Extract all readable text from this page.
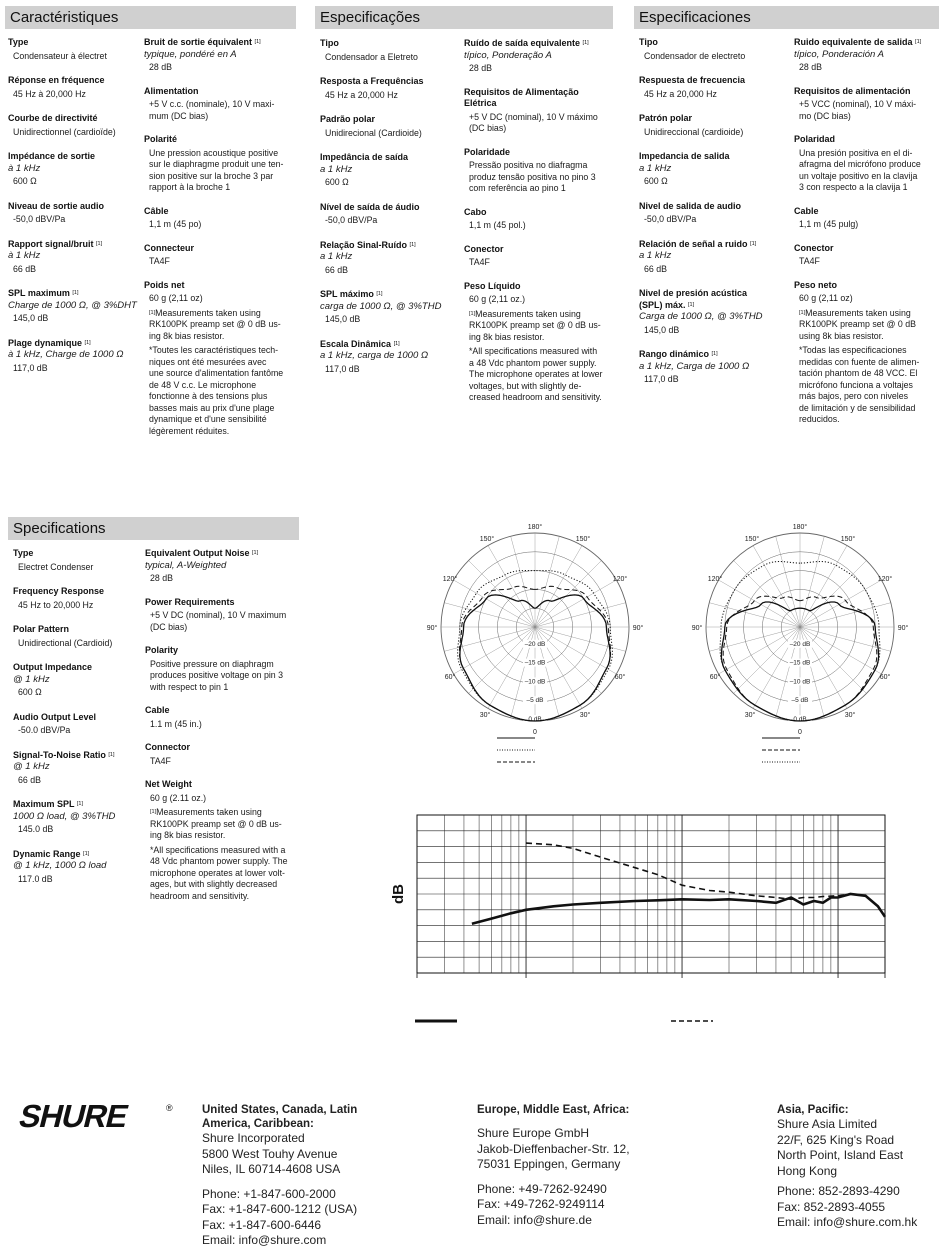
Caractéristiques
Type
Condensateur à électret
Réponse en fréquence
45 Hz à 20,000 Hz
Courbe de directivité
Unidirectionnel (cardioïde)
Impédance de sortie
à 1 kHz
600 Ω
Niveau de sortie audio
-50,0 dBV/Pa
Rapport signal/bruit [1]
à 1 kHz
66 dB
SPL maximum [1]
Charge de 1000 Ω, @ 3%DHT
145,0 dB
Plage dynamique [1]
à 1 kHz, Charge de 1000 Ω
117,0 dB
Bruit de sortie équivalent [1]
typique, pondéré en A
28 dB
Alimentation
+5 V c.c. (nominale), 10 V maxi-
mum (DC bias)
Polarité
Une pression acoustique positive
sur le diaphragme produit une ten-
sion positive sur la broche 3 par
rapport à la broche 1
Câble
1,1 m (45 po)
Connecteur
TA4F
Poids net
60 g (2,11 oz)
[1]Measurements taken using
RK100PK preamp set @ 0 dB us-
ing 8k bias resistor.
*Toutes les caractéristiques tech-
niques ont été mesurées avec
une source d'alimentation fantôme
de 48 V c.c. Le microphone
fonctionne à des tensions plus
basses mais au prix d'une plage
dynamique et d'une sensibilité
légèrement réduites.
Especificações
Tipo
Condensador a Eletreto
Resposta a Frequências
45 Hz a 20,000 Hz
Padrão polar
Unidirecional (Cardioide)
Impedância de saída
a 1 kHz
600 Ω
Nível de saída de áudio
-50,0 dBV/Pa
Relação Sinal-Ruído [1]
a 1 kHz
66 dB
SPL máximo [1]
carga de 1000 Ω, @ 3%THD
145,0 dB
Escala Dinâmica [1]
a 1 kHz, carga de 1000 Ω
117,0 dB
Ruído de saída equivalente [1]
típico, Ponderação A
28 dB
Requisitos de Alimentação
Elétrica
+5 V DC (nominal), 10 V máximo
(DC bias)
Polaridade
Pressão positiva no diafragma
produz tensão positiva no pino 3
com referência ao pino 1
Cabo
1,1 m (45 pol.)
Conector
TA4F
Peso Líquido
60 g (2,11 oz.)
[1]Measurements taken using
RK100PK preamp set @ 0 dB us-
ing 8k bias resistor.
*All specifications measured with
a 48 Vdc phantom power supply.
The microphone operates at lower
voltages, but with slightly de-
creased headroom and sensitivity.
Especificaciones
Tipo
Condensador de electreto
Respuesta de frecuencia
45 Hz a 20,000 Hz
Patrón polar
Unidireccional (cardioide)
Impedancia de salida
a 1 kHz
600 Ω
Nivel de salida de audio
-50,0 dBV/Pa
Relación de señal a ruido [1]
a 1 kHz
66 dB
Nivel de presión acústica
(SPL) máx. [1]
Carga de 1000 Ω, @ 3%THD
145,0 dB
Rango dinámico [1]
a 1 kHz, Carga de 1000 Ω
117,0 dB
Ruido equivalente de salida [1]
típico, Ponderación A
28 dB
Requisitos de alimentación
+5 VCC (nominal), 10 V máxi-
mo (DC bias)
Polaridad
Una presión positiva en el di-
afragma del micrófono produce
un voltaje positivo en la clavija
3 con respecto a la clavija 1
Cable
1,1 m (45 pulg)
Conector
TA4F
Peso neto
60 g (2,11 oz)
[1]Measurements taken using
RK100PK preamp set @ 0 dB
using 8k bias resistor.
*Todas las especificaciones
medidas con fuente de alimen-
tación phantom de 48 VCC. El
micrófono funciona a voltajes
más bajos, pero con niveles
de limitación y de sensibilidad
reducidos.
Specifications
Type
Electret Condenser
Frequency Response
45 Hz to 20,000 Hz
Polar Pattern
Unidirectional (Cardioid)
Output Impedance
@ 1 kHz
600 Ω
Audio Output Level
-50.0 dBV/Pa
Signal-To-Noise Ratio [1]
@ 1 kHz
66 dB
Maximum SPL [1]
1000 Ω load, @ 3%THD
145.0 dB
Dynamic Range [1]
@ 1 kHz, 1000 Ω load
117.0 dB
Equivalent Output Noise [1]
typical, A-Weighted
28 dB
Power Requirements
+5 V DC (nominal), 10 V maximum
(DC bias)
Polarity
Positive pressure on diaphragm
produces positive voltage on pin 3
with respect to pin 1
Cable
1.1 m (45 in.)
Connector
TA4F
Net Weight
60 g (2.11 oz.)
[1]Measurements taken using
RK100PK preamp set @ 0 dB us-
ing 8k bias resistor.
*All specifications measured with a
48 Vdc phantom power supply. The
microphone operates at lower volt-
ages, but with slightly decreased
headroom and sensitivity.
180°
150°	150°
120°	120°
90°	90°
60°	60°
30°	30°
0
–20 dB
–15 dB
–10 dB
–5 dB
0 dB
180°
150°	150°
120°	120°
90°	90°
60°	60°
30°	30°
0
–20 dB
–15 dB
–10 dB
–5 dB
0 dB
dB
SHURE	®	United States, Canada, Latin
America, Caribbean:
Shure Incorporated
5800 West Touhy Avenue
Niles, IL 60714-4608 USA
Phone: +1-847-600-2000
Fax: +1-847-600-1212 (USA)
Fax: +1-847-600-6446
Email: info@shure.com
Europe, Middle East, Africa:
Shure Europe GmbH
Jakob-Dieffenbacher-Str. 12,
75031 Eppingen, Germany
Phone: +49-7262-92490
Fax: +49-7262-9249114
Email: info@shure.de
Asia, Pacific:
Shure Asia Limited
22/F, 625 King's Road
North Point, Island East
Hong Kong
Phone: 852-2893-4290
Fax: 852-2893-4055
Email: info@shure.com.hk
